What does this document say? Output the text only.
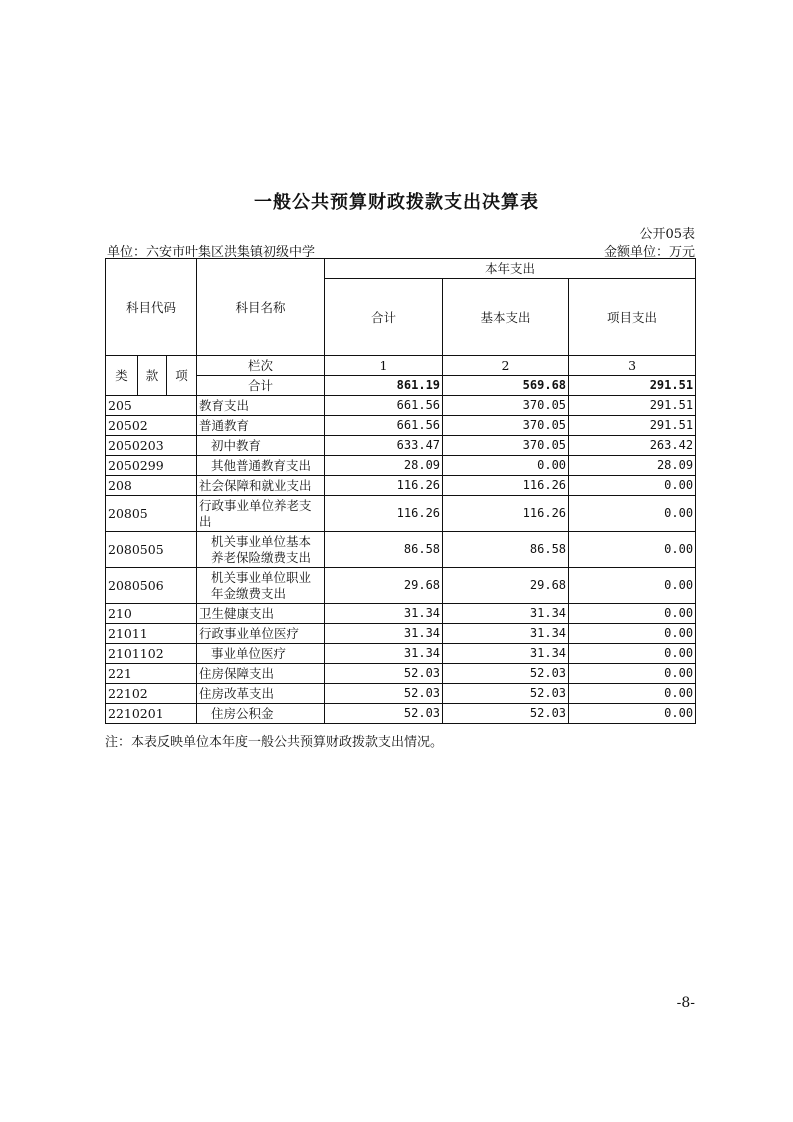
一般公共预算财政拨款支出决算表
公开05表
单位：六安市叶集区洪集镇初级中学	金额单位：万元
科目代码			科目名称	本年支出		
				合计	基本支出	项目支出
类	款	项	栏次	1	2	3
			合计	861.19	569.68	291.51
205			教育支出	661.56	370.05	291.51
20502			普通教育	661.56	370.05	291.51
2050203			初中教育	633.47	370.05	263.42
2050299			其他普通教育支出	28.09	0.00	28.09
208			社会保障和就业支出	116.26	116.26	0.00
20805			行政事业单位养老支出	116.26	116.26	0.00
2080505			机关事业单位基本养老保险缴费支出	86.58	86.58	0.00
2080506			机关事业单位职业年金缴费支出	29.68	29.68	0.00
210			卫生健康支出	31.34	31.34	0.00
21011			行政事业单位医疗	31.34	31.34	0.00
2101102			事业单位医疗	31.34	31.34	0.00
221			住房保障支出	52.03	52.03	0.00
22102			住房改革支出	52.03	52.03	0.00
2210201			住房公积金	52.03	52.03	0.00
注：本表反映单位本年度一般公共预算财政拨款支出情况。
-8-
